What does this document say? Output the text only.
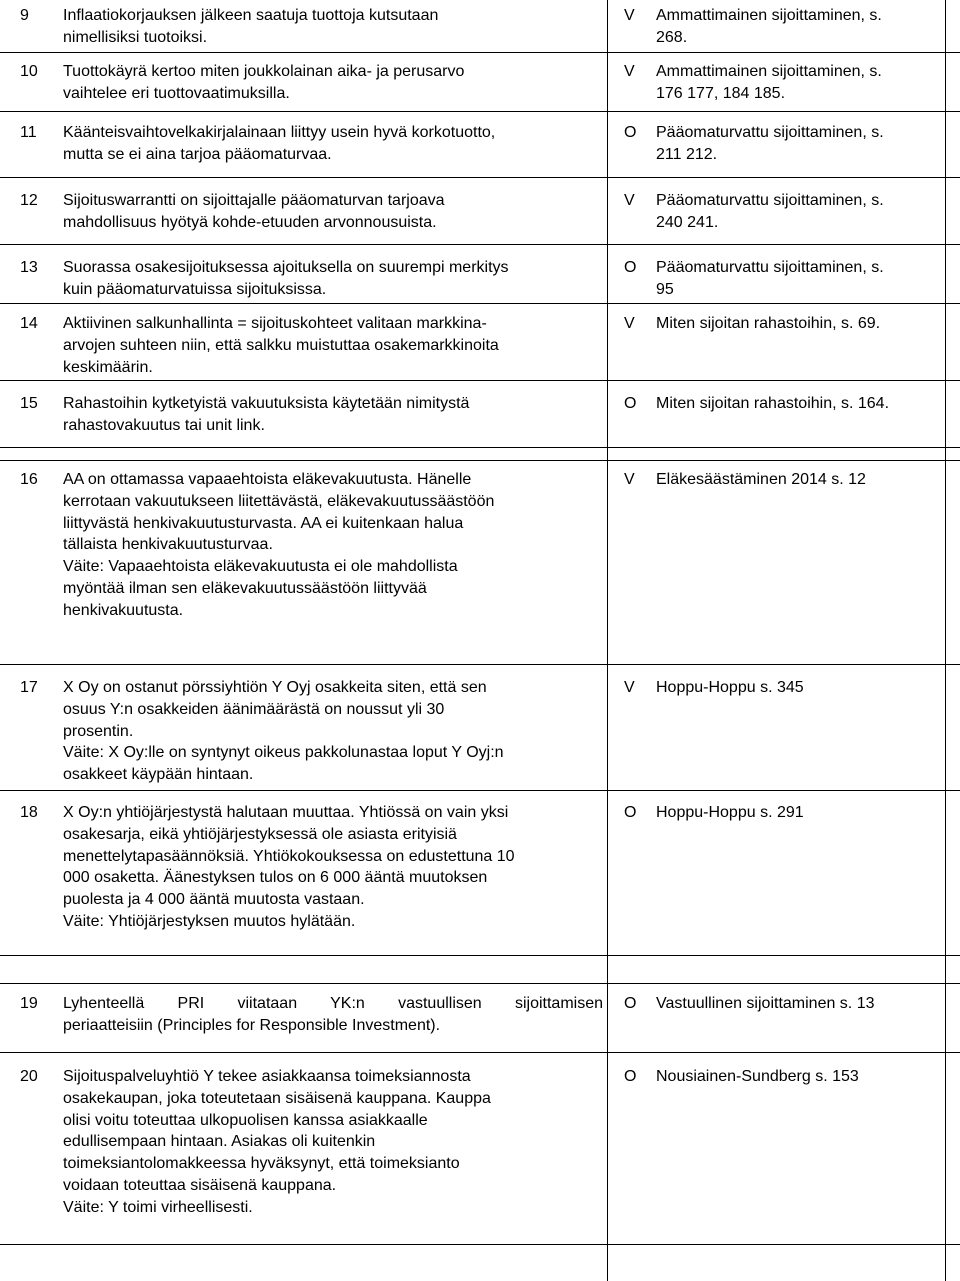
9	Inflaatiokorjauksen jälkeen saatuja tuottoja kutsutaan
nimellisiksi tuotoiksi.
V	Ammattimainen sijoittaminen, s.
268.
10	Tuottokäyrä kertoo miten joukkolainan aika- ja perusarvo
vaihtelee eri tuottovaatimuksilla.
V	Ammattimainen sijoittaminen, s.
176 177, 184 185.
11	Käänteisvaihtovelkakirjalainaan liittyy usein hyvä korkotuotto,
mutta se ei aina tarjoa pääomaturvaa.
O	Pääomaturvattu sijoittaminen, s.
211 212.
12	Sijoituswarrantti on sijoittajalle pääomaturvan tarjoava
mahdollisuus hyötyä kohde-etuuden arvonnousuista.
V	Pääomaturvattu sijoittaminen, s.
240 241.
13	Suorassa osakesijoituksessa ajoituksella on suurempi merkitys
kuin pääomaturvatuissa sijoituksissa.
O	Pääomaturvattu sijoittaminen, s.
95
14	Aktiivinen salkunhallinta = sijoituskohteet valitaan markkina-
arvojen suhteen niin, että salkku muistuttaa osakemarkkinoita
keskimäärin.
V	Miten sijoitan rahastoihin, s. 69.
15	Rahastoihin kytketyistä vakuutuksista käytetään nimitystä
rahastovakuutus tai unit link.
O	Miten sijoitan rahastoihin, s. 164.
16	AA on ottamassa vapaaehtoista eläkevakuutusta. Hänelle
kerrotaan vakuutukseen liitettävästä, eläkevakuutussäästöön
liittyvästä henkivakuutusturvasta. AA ei kuitenkaan halua
tällaista henkivakuutusturvaa.
Väite: Vapaaehtoista eläkevakuutusta ei ole mahdollista
myöntää ilman sen eläkevakuutussäästöön liittyvää
henkivakuutusta.
V	Eläkesäästäminen 2014 s. 12
17	X Oy on ostanut pörssiyhtiön Y Oyj osakkeita siten, että sen
osuus Y:n osakkeiden äänimäärästä on noussut yli 30
prosentin.
Väite: X Oy:lle on syntynyt oikeus pakkolunastaa loput Y Oyj:n
osakkeet käypään hintaan.
V	Hoppu-Hoppu s. 345
18	X Oy:n yhtiöjärjestystä halutaan muuttaa. Yhtiössä on vain yksi
osakesarja, eikä yhtiöjärjestyksessä ole asiasta erityisiä
menettelytapasäännöksiä. Yhtiökokouksessa on edustettuna 10
000 osaketta. Äänestyksen tulos on 6 000 ääntä muutoksen
puolesta ja 4 000 ääntä muutosta vastaan.
Väite: Yhtiöjärjestyksen muutos hylätään.
O	Hoppu-Hoppu s. 291
19	Lyhenteellä PRI viitataan YK:n vastuullisen sijoittamisen
periaatteisiin (Principles for Responsible Investment).
O	Vastuullinen sijoittaminen s. 13
20	Sijoituspalveluyhtiö Y tekee asiakkaansa toimeksiannosta
osakekaupan, joka toteutetaan sisäisenä kauppana. Kauppa
olisi voitu toteuttaa ulkopuolisen kanssa asiakkaalle
edullisempaan hintaan. Asiakas oli kuitenkin
toimeksiantolomakkeessa hyväksynyt, että toimeksianto
voidaan toteuttaa sisäisenä kauppana.
Väite: Y toimi virheellisesti.
O	Nousiainen-Sundberg s. 153
